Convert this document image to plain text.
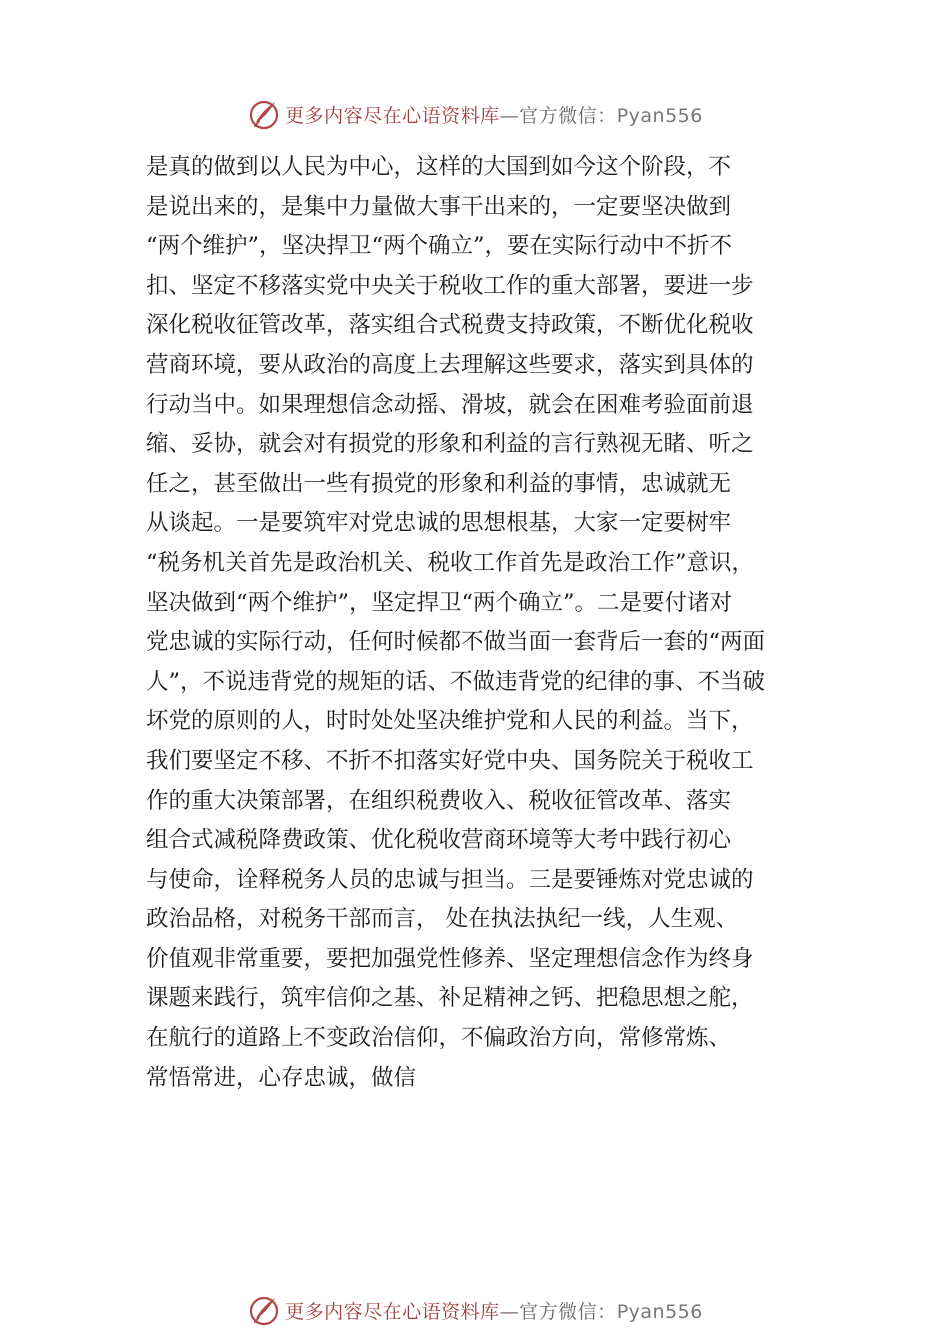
更多内容尽在心语资料库—官方微信：Pyan556
是真的做到以人民为中心，这样的大国到如今这个阶段，不
是说出来的，是集中力量做大事干出来的，一定要坚决做到
“两个维护”，坚决捍卫“两个确立”，要在实际行动中不折不
扣、坚定不移落实党中央关于税收工作的重大部署，要进一步
深化税收征管改革，落实组合式税费支持政策，不断优化税收
营商环境，要从政治的高度上去理解这些要求，落实到具体的
行动当中。如果理想信念动摇、滑坡，就会在困难考验面前退
缩、妥协，就会对有损党的形象和利益的言行熟视无睹、听之
任之，甚至做出一些有损党的形象和利益的事情，忠诚就无
从谈起。一是要筑牢对党忠诚的思想根基，大家一定要树牢
“税务机关首先是政治机关、税收工作首先是政治工作”意识，
坚决做到“两个维护”，坚定捍卫“两个确立”。二是要付诸对
党忠诚的实际行动，任何时候都不做当面一套背后一套的“两面
人”，不说违背党的规矩的话、不做违背党的纪律的事、不当破
坏党的原则的人，时时处处坚决维护党和人民的利益。当下，
我们要坚定不移、不折不扣落实好党中央、国务院关于税收工
作的重大决策部署，在组织税费收入、税收征管改革、落实
组合式减税降费政策、优化税收营商环境等大考中践行初心
与使命，诠释税务人员的忠诚与担当。三是要锤炼对党忠诚的
政治品格，对税务干部而言， 处在执法执纪一线，人生观、
价值观非常重要，要把加强党性修养、坚定理想信念作为终身
课题来践行，筑牢信仰之基、补足精神之钙、把稳思想之舵，
在航行的道路上不变政治信仰，不偏政治方向，常修常炼、
常悟常进，心存忠诚，做信
更多内容尽在心语资料库—官方微信：Pyan556
